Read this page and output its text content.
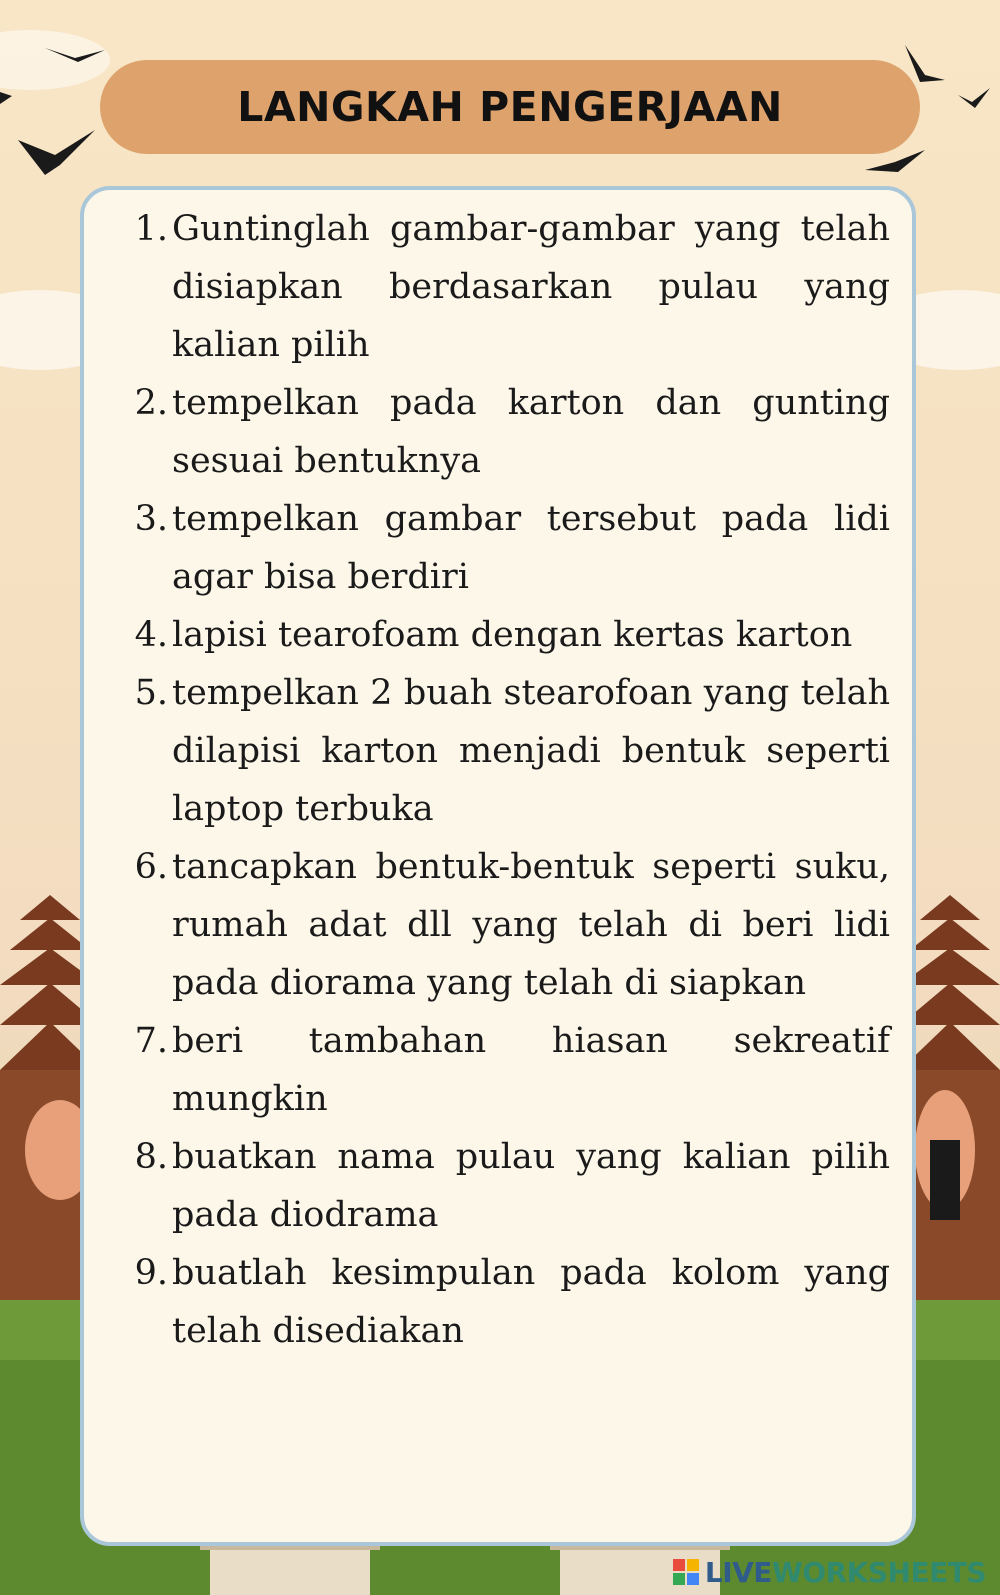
LANGKAH PENGERJAAN
1. Guntinglah gambar-gambar yang telah disiapkan berdasarkan pulau yang kalian pilih
2. tempelkan pada karton dan gunting sesuai bentuknya
3. tempelkan gambar tersebut pada lidi agar bisa berdiri
4. lapisi tearofoam dengan kertas karton
5. tempelkan 2 buah stearofoan yang telah dilapisi karton menjadi bentuk seperti laptop terbuka
6. tancapkan bentuk-bentuk seperti suku, rumah adat dll yang telah di beri lidi pada diorama yang telah di siapkan
7. beri tambahan hiasan sekreatif mungkin
8. buatkan nama pulau yang kalian pilih pada diodrama
9. buatlah kesimpulan pada kolom yang telah disediakan
LIVE WORKSHEETS
